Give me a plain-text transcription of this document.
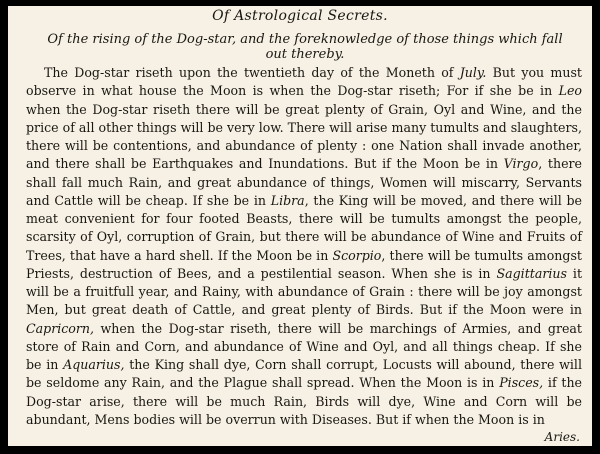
Of Astrological Secrets.
Of the rising of the Dog-star, and the foreknowledge of those things which fall out thereby.

The Dog-star riseth upon the twentieth day of the Moneth of July. But you must observe in what house the Moon is when the Dog-star riseth; For if she be in Leo when the Dog-star riseth there will be great plenty of Grain, Oyl and Wine, and the price of all other things will be very low. There will arise many tumults and slaughters, there will be contentions, and abundance of plenty : one Nation shall invade another, and there shall be Earthquakes and Inundations. But if the Moon be in Virgo, there shall fall much Rain, and great abundance of things, Women will miscarry, Servants and Cattle will be cheap. If she be in Libra, the King will be moved, and there will be meat convenient for four footed Beasts, there will be tumults amongst the people, scarsity of Oyl, corruption of Grain, but there will be abundance of Wine and Fruits of Trees, that have a hard shell. If the Moon be in Scorpio, there will be tumults amongst Priests, destruction of Bees, and a pestilential season. When she is in Sagittarius it will be a fruitfull year, and Rainy, with abundance of Grain : there will be joy amongst Men, but great death of Cattle, and great plenty of Birds. But if the Moon were in Capricorn, when the Dog-star riseth, there will be marchings of Armies, and great store of Rain and Corn, and abundance of Wine and Oyl, and all things cheap. If she be in Aquarius, the King shall dye, Corn shall corrupt, Locusts will abound, there will be seldome any Rain, and the Plague shall spread. When the Moon is in Pisces, if the Dog-star arise, there will be much Rain, Birds will dye, Wine and Corn will be abundant, Mens bodies will be overrun with Diseases. But if when the Moon is in

Aries.
